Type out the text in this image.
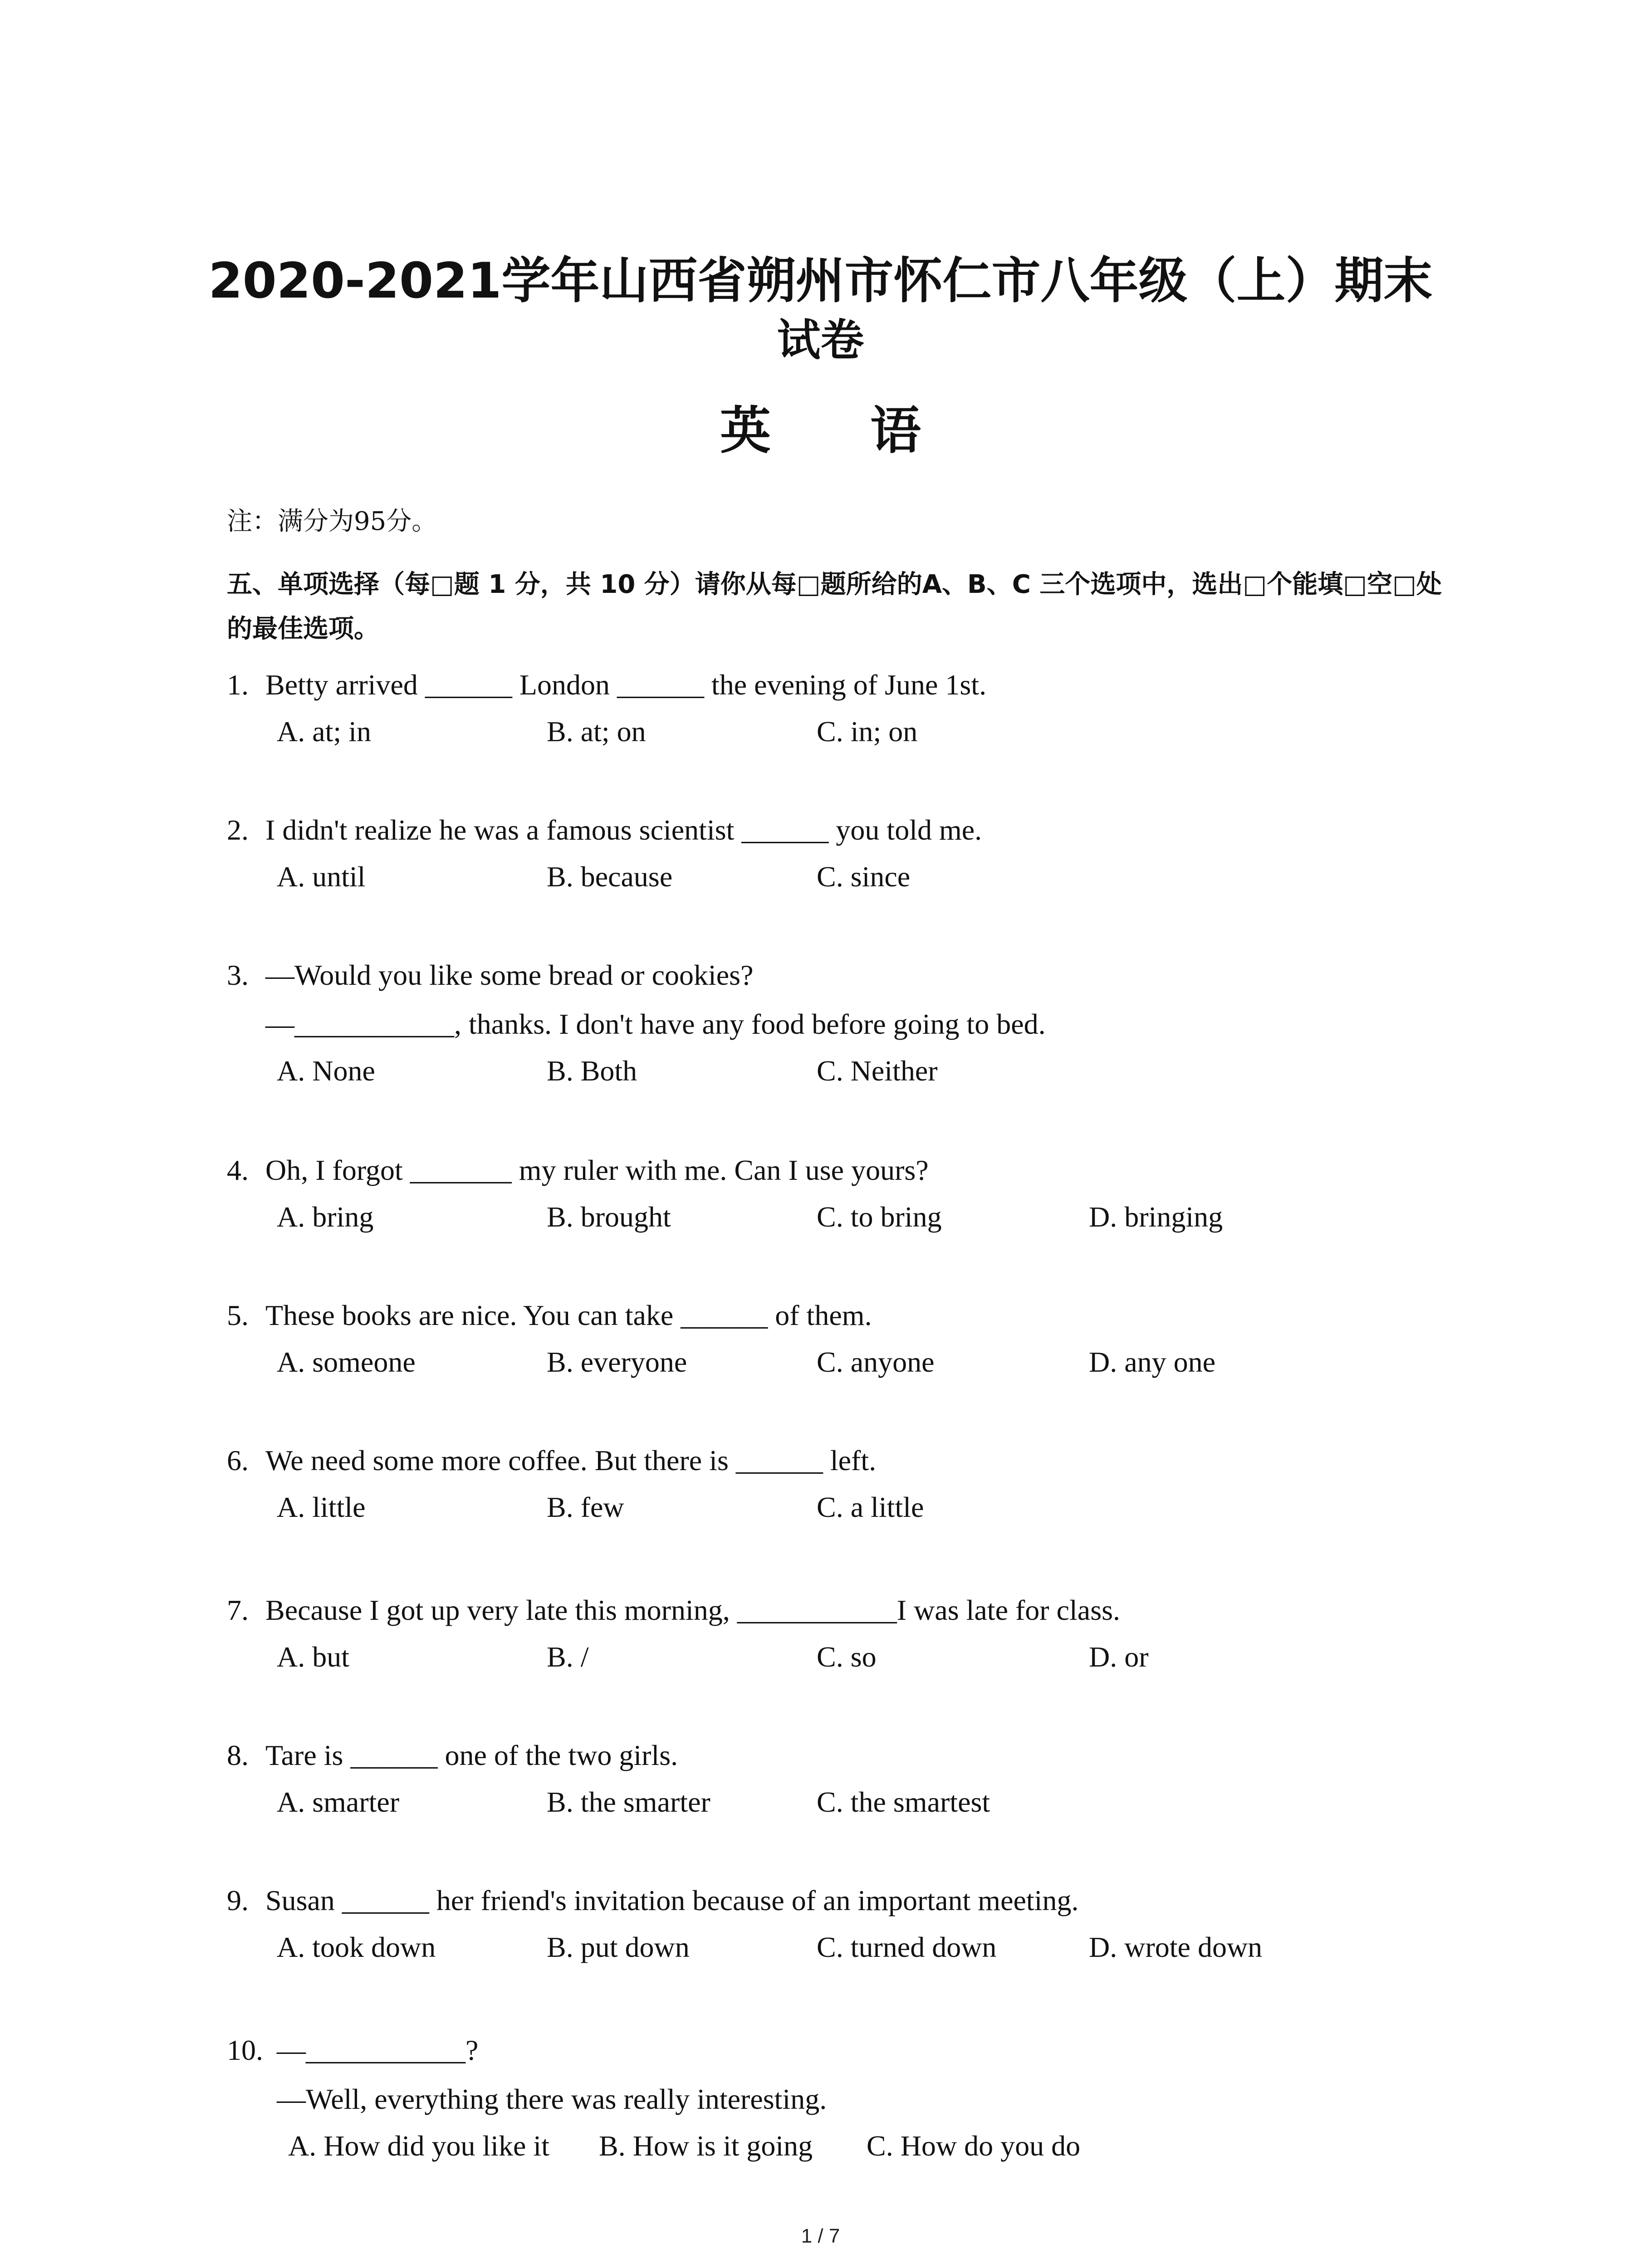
2020-2021学年山西省朔州市怀仁市八年级（上）期末
试卷
英 语
注：满分为95分。
五、单项选择（每□题 1 分，共 10 分）请你从每□题所给的A、B、C 三个选项中，选出□个能填□空□处的最佳选项。
1. Betty arrived ______ London ______ the evening of June 1st.
A. at; in	B. at; on	C. in; on
2. I didn't realize he was a famous scientist ______ you told me.
A. until	B. because	C. since
3. —Would you like some bread or cookies?
—___________, thanks. I don't have any food before going to bed.
A. None	B. Both	C. Neither
4. Oh, I forgot _______ my ruler with me. Can I use yours?
A. bring	B. brought	C. to bring	D. bringing
5. These books are nice. You can take ______ of them.
A. someone	B. everyone	C. anyone	D. any one
6. We need some more coffee. But there is ______ left.
A. little	B. few	C. a little
7. Because I got up very late this morning, ___________I was late for class.
A. but	B. /	C. so	D. or
8. Tare is ______ one of the two girls.
A. smarter	B. the smarter	C. the smartest
9. Susan ______ her friend's invitation because of an important meeting.
A. took down	B. put down	C. turned down	D. wrote down
10. —___________?
—Well, everything there was really interesting.
A. How did you like it B. How is it going C. How do you do
1 / 7
